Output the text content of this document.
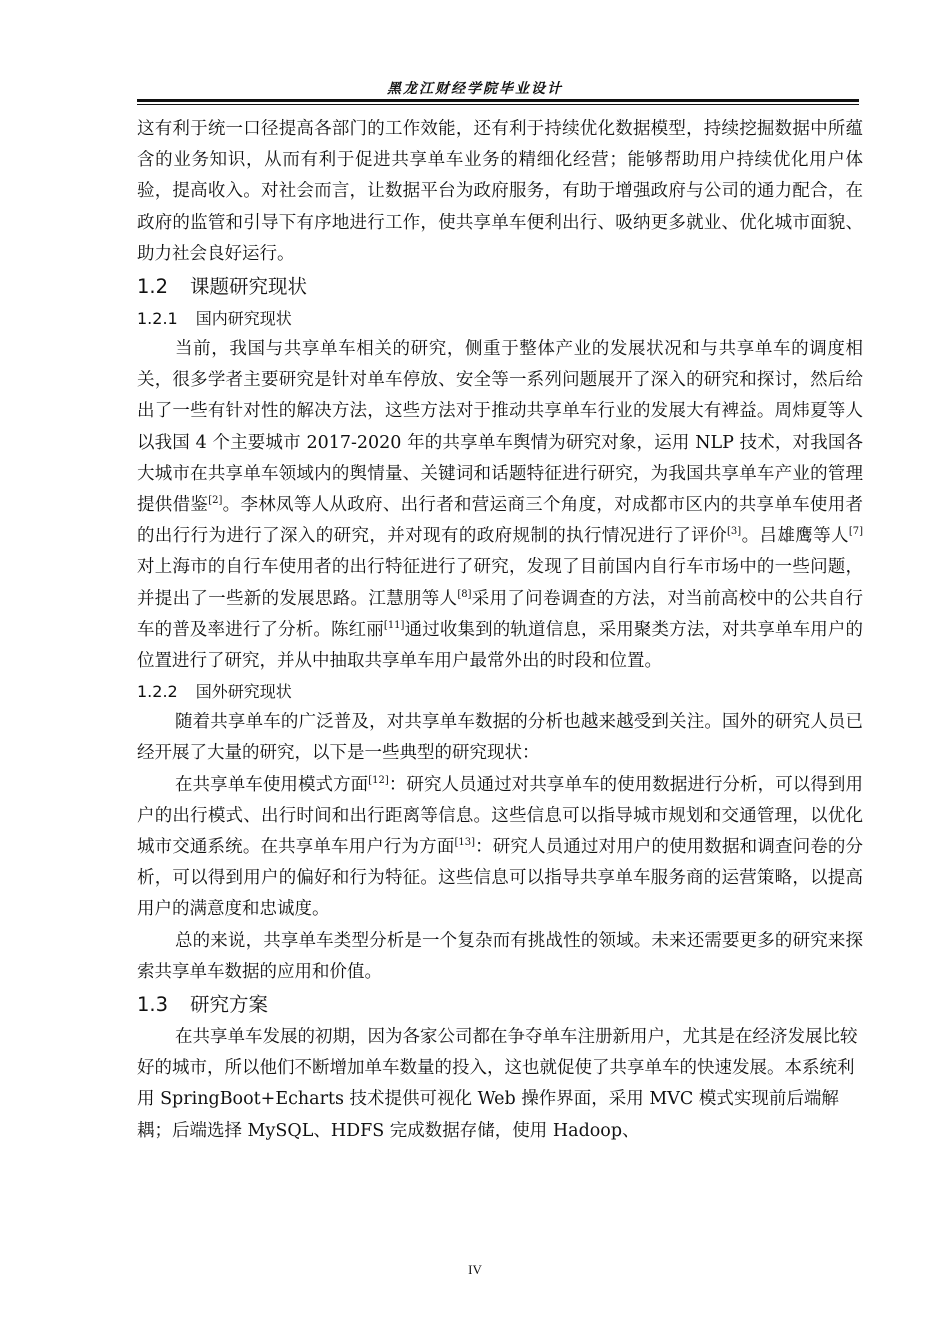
黑龙江财经学院毕业设计

这有利于统一口径提高各部门的工作效能，还有利于持续优化数据模型，持续挖掘数据中所蕴含的业务知识，从而有利于促进共享单车业务的精细化经营；能够帮助用户持续优化用户体验，提高收入。对社会而言，让数据平台为政府服务，有助于增强政府与公司的通力配合，在政府的监管和引导下有序地进行工作，使共享单车便利出行、吸纳更多就业、优化城市面貌、助力社会良好运行。

1.2 课题研究现状
1.2.1 国内研究现状

当前，我国与共享单车相关的研究，侧重于整体产业的发展状况和与共享单车的调度相关，很多学者主要研究是针对单车停放、安全等一系列问题展开了深入的研究和探讨，然后给出了一些有针对性的解决方法，这些方法对于推动共享单车行业的发展大有裨益。周炜夏等人以我国 4 个主要城市 2017-2020 年的共享单车舆情为研究对象，运用 NLP 技术，对我国各大城市在共享单车领域内的舆情量、关键词和话题特征进行研究，为我国共享单车产业的管理提供借鉴[2]。李林凤等人从政府、出行者和营运商三个角度，对成都市区内的共享单车使用者的出行行为进行了深入的研究，并对现有的政府规制的执行情况进行了评价[3]。吕雄鹰等人[7]对上海市的自行车使用者的出行特征进行了研究，发现了目前国内自行车市场中的一些问题，并提出了一些新的发展思路。江慧朋等人[8]采用了问卷调查的方法，对当前高校中的公共自行车的普及率进行了分析。陈红丽[11]通过收集到的轨道信息，采用聚类方法，对共享单车用户的位置进行了研究，并从中抽取共享单车用户最常外出的时段和位置。

1.2.2 国外研究现状

随着共享单车的广泛普及，对共享单车数据的分析也越来越受到关注。国外的研究人员已经开展了大量的研究，以下是一些典型的研究现状：

在共享单车使用模式方面[12]：研究人员通过对共享单车的使用数据进行分析，可以得到用户的出行模式、出行时间和出行距离等信息。这些信息可以指导城市规划和交通管理，以优化城市交通系统。在共享单车用户行为方面[13]：研究人员通过对用户的使用数据和调查问卷的分析，可以得到用户的偏好和行为特征。这些信息可以指导共享单车服务商的运营策略，以提高用户的满意度和忠诚度。

总的来说，共享单车类型分析是一个复杂而有挑战性的领域。未来还需要更多的研究来探索共享单车数据的应用和价值。

1.3 研究方案

在共享单车发展的初期，因为各家公司都在争夺单车注册新用户，尤其是在经济发展比较好的城市，所以他们不断增加单车数量的投入，这也就促使了共享单车的快速发展。本系统利用 SpringBoot+Echarts 技术提供可视化 Web 操作界面，采用 MVC 模式实现前后端解耦；后端选择 MySQL、HDFS 完成数据存储，使用 Hadoop、

IV
